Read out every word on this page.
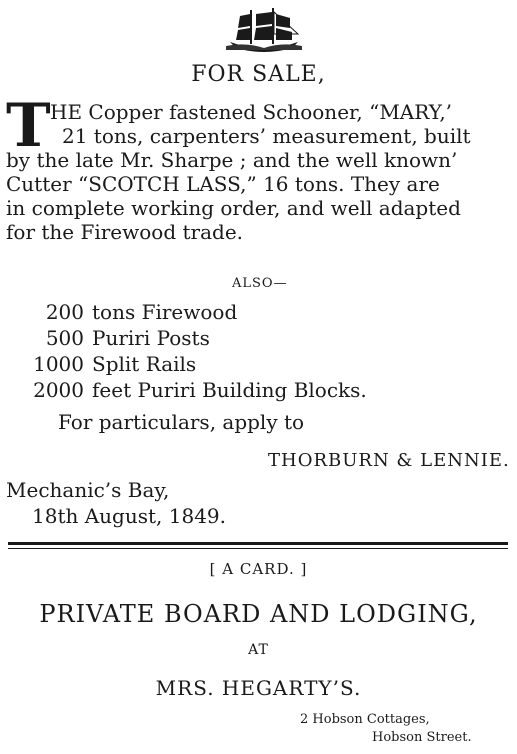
FOR SALE,
T HE Copper fastened Schooner, “MARY,’
21 tons, carpenters’ measurement, built
by the late Mr. Sharpe ; and the well known’
Cutter “SCOTCH LASS,” 16 tons. They are
in complete working order, and well adapted
for the Firewood trade.
ALSO—
200 tons Firewood
500 Puriri Posts
1000 Split Rails
2000 feet Puriri Building Blocks.
For particulars, apply to
THORBURN & LENNIE.
Mechanic’s Bay,
18th August, 1849.
[ A CARD. ]
PRIVATE BOARD AND LODGING,
AT
MRS. HEGARTY’S.
2 Hobson Cottages,
Hobson Street.
